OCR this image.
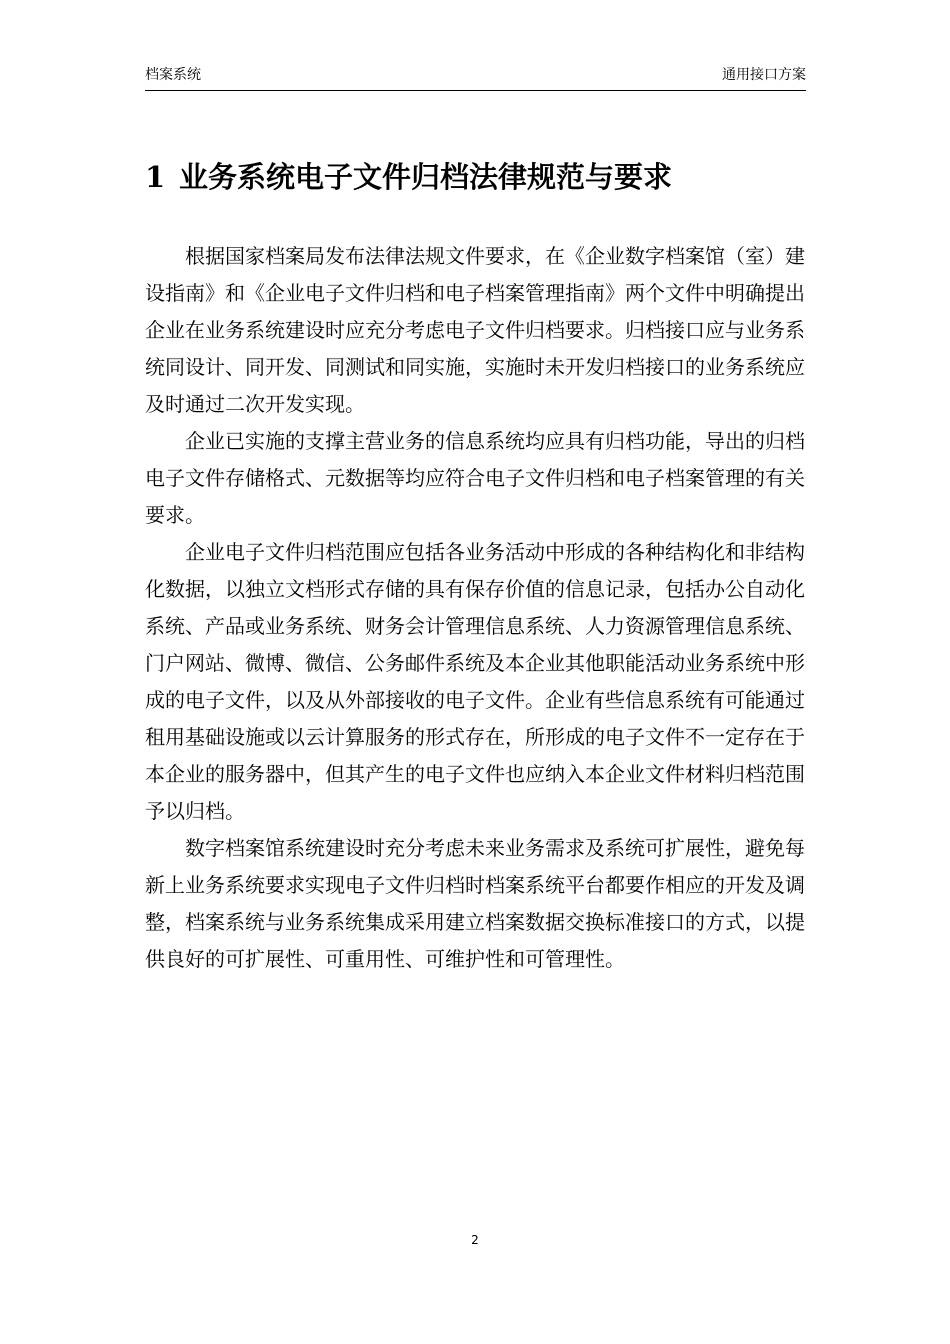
档案系统	通用接口方案
1 业务系统电子文件归档法律规范与要求

根据国家档案局发布法律法规文件要求，在《企业数字档案馆（室）建设指南》和《企业电子文件归档和电子档案管理指南》两个文件中明确提出企业在业务系统建设时应充分考虑电子文件归档要求。归档接口应与业务系统同设计、同开发、同测试和同实施，实施时未开发归档接口的业务系统应及时通过二次开发实现。

企业已实施的支撑主营业务的信息系统均应具有归档功能，导出的归档电子文件存储格式、元数据等均应符合电子文件归档和电子档案管理的有关要求。

企业电子文件归档范围应包括各业务活动中形成的各种结构化和非结构化数据，以独立文档形式存储的具有保存价值的信息记录，包括办公自动化系统、产品或业务系统、财务会计管理信息系统、人力资源管理信息系统、门户网站、微博、微信、公务邮件系统及本企业其他职能活动业务系统中形成的电子文件，以及从外部接收的电子文件。企业有些信息系统有可能通过租用基础设施或以云计算服务的形式存在，所形成的电子文件不一定存在于本企业的服务器中，但其产生的电子文件也应纳入本企业文件材料归档范围予以归档。

数字档案馆系统建设时充分考虑未来业务需求及系统可扩展性，避免每新上业务系统要求实现电子文件归档时档案系统平台都要作相应的开发及调整，档案系统与业务系统集成采用建立档案数据交换标准接口的方式，以提供良好的可扩展性、可重用性、可维护性和可管理性。

2
